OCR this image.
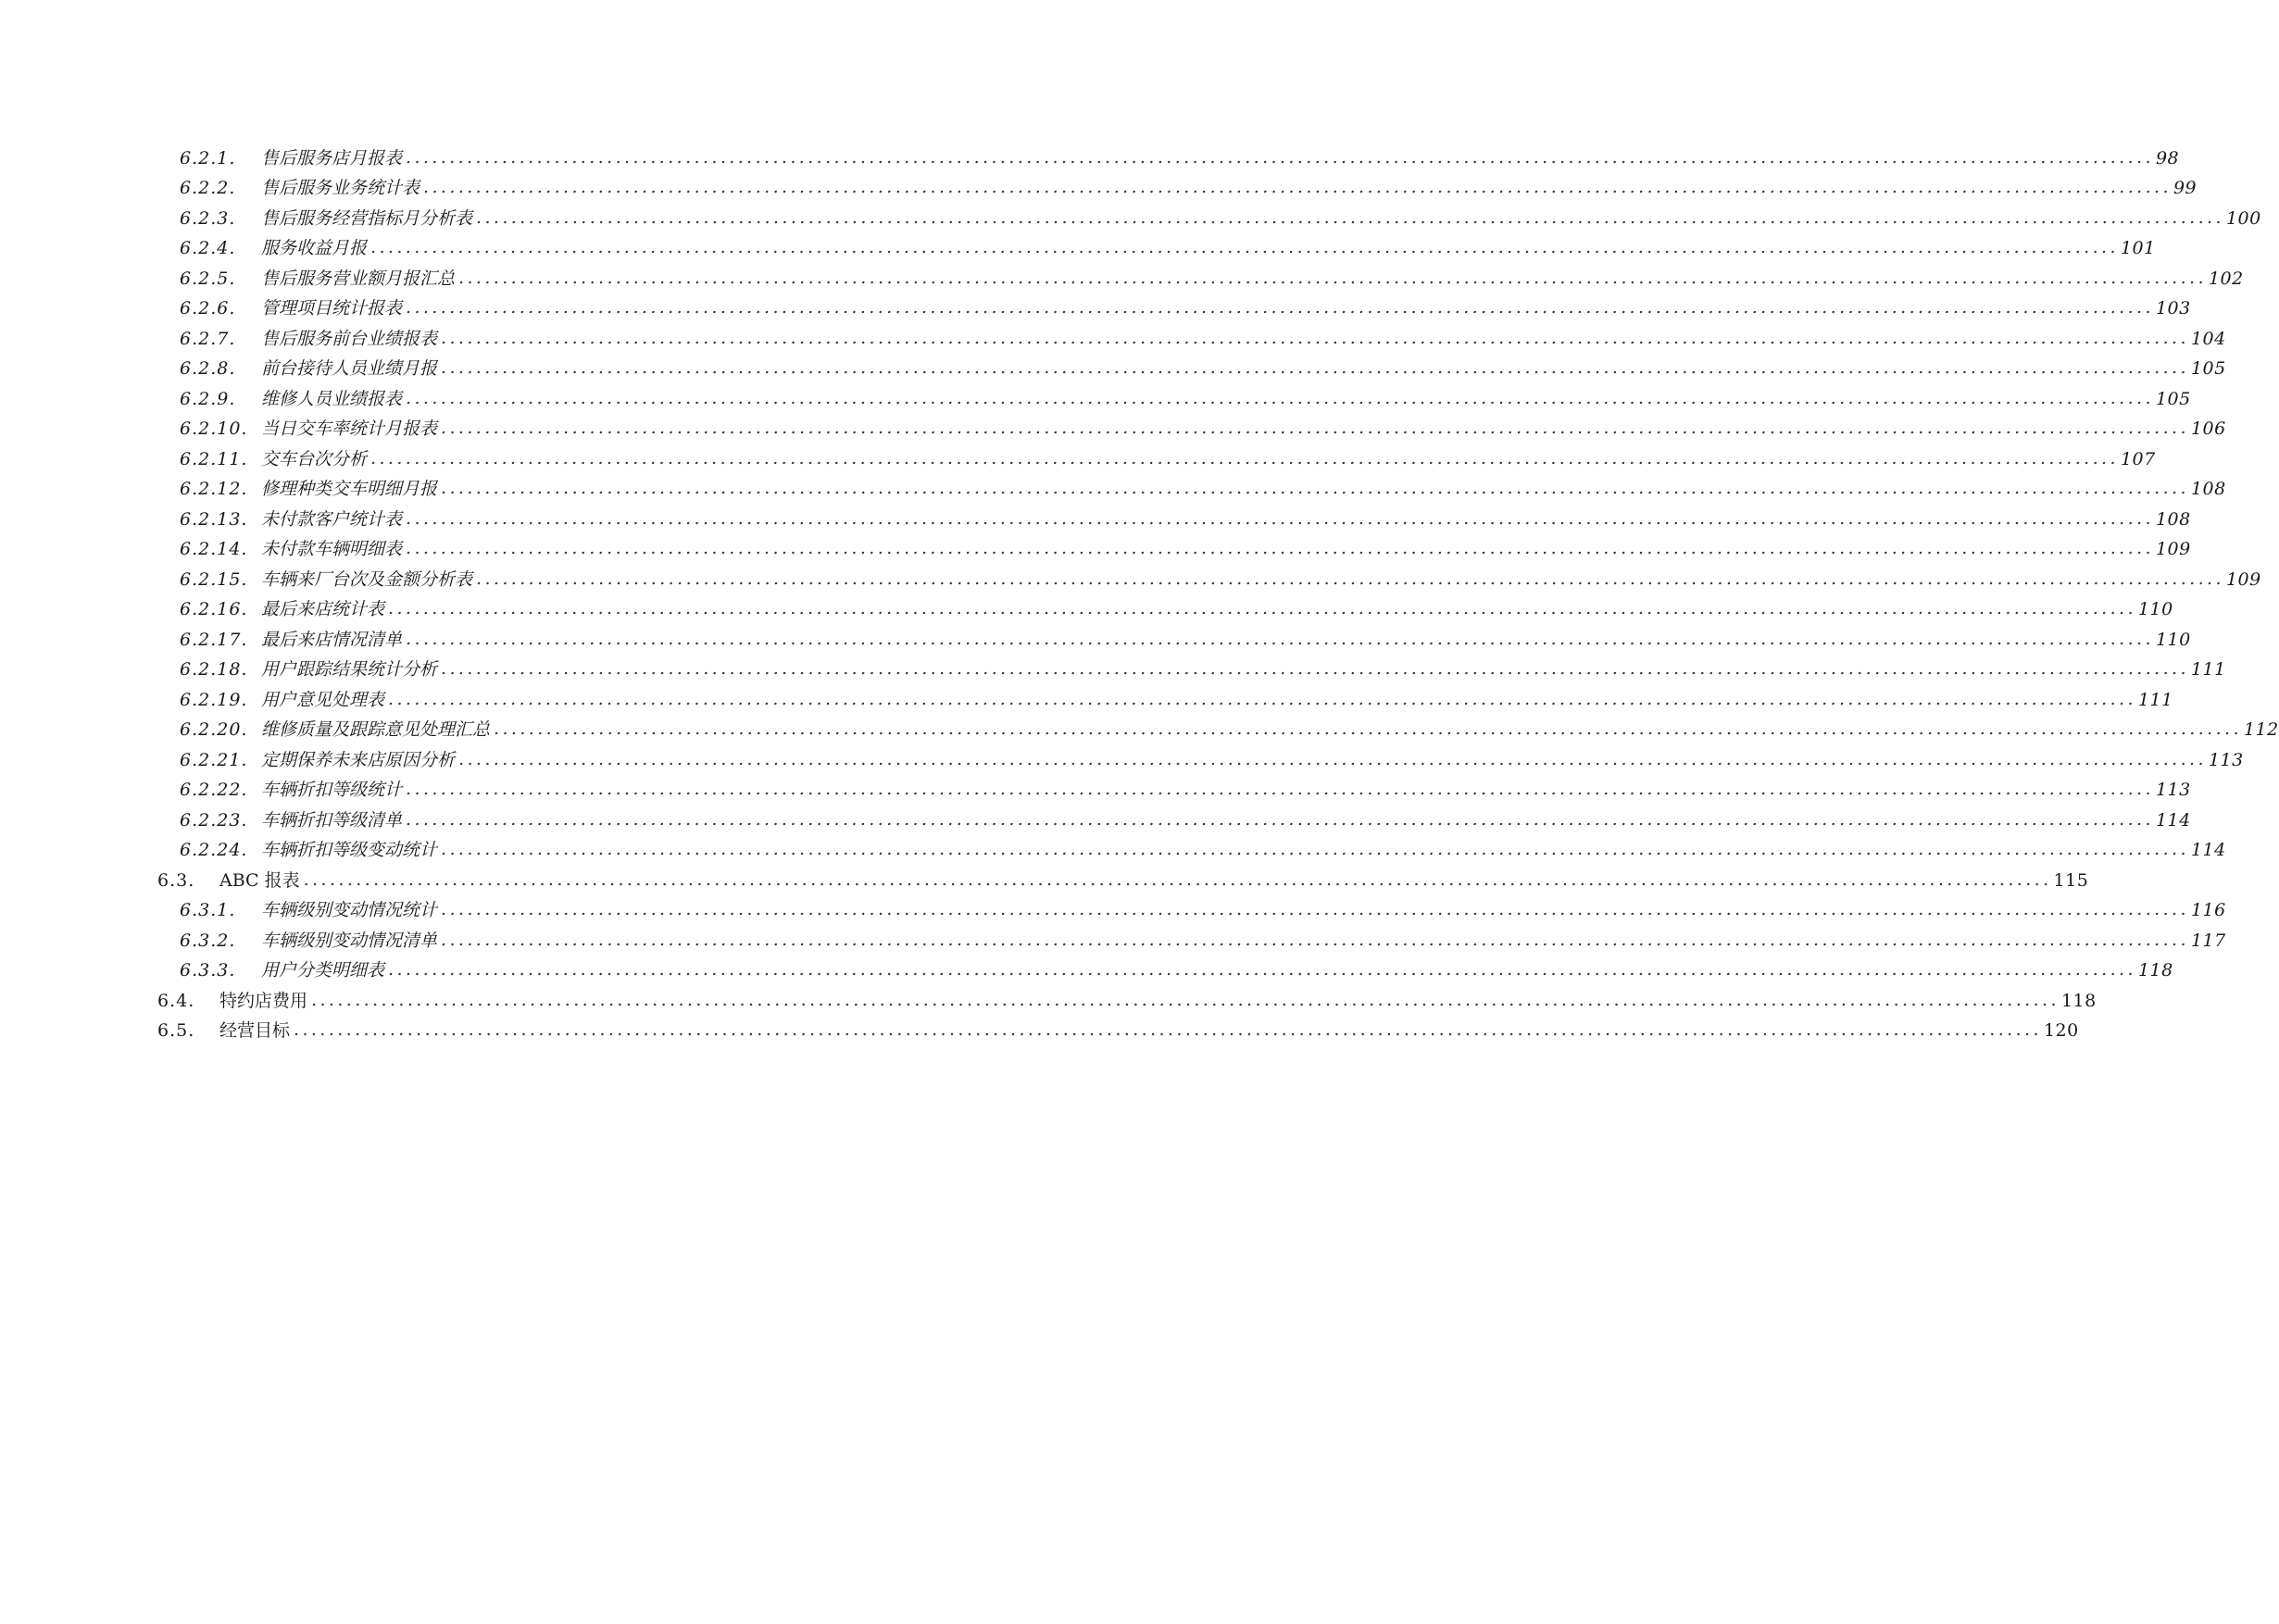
6.2.1.	售后服务店月报表 ........................................................................................................................................................................................................ 98
6.2.2.	售后服务业务统计表 ........................................................................................................................................................................................................ 99
6.2.3.	售后服务经营指标月分析表 ........................................................................................................................................................................................................ 100
6.2.4.	服务收益月报 ........................................................................................................................................................................................................ 101
6.2.5.	售后服务营业额月报汇总 ........................................................................................................................................................................................................ 102
6.2.6.	管理项目统计报表 ........................................................................................................................................................................................................ 103
6.2.7.	售后服务前台业绩报表 ........................................................................................................................................................................................................ 104
6.2.8.	前台接待人员业绩月报 ........................................................................................................................................................................................................ 105
6.2.9.	维修人员业绩报表 ........................................................................................................................................................................................................ 105
6.2.10. 当日交车率统计月报表 ........................................................................................................................................................................................................ 106
6.2.11. 交车台次分析 ........................................................................................................................................................................................................ 107
6.2.12. 修理种类交车明细月报 ........................................................................................................................................................................................................ 108
6.2.13. 未付款客户统计表 ........................................................................................................................................................................................................ 108
6.2.14. 未付款车辆明细表 ........................................................................................................................................................................................................ 109
6.2.15. 车辆来厂台次及金额分析表 ........................................................................................................................................................................................................ 109
6.2.16. 最后来店统计表 ........................................................................................................................................................................................................ 110
6.2.17. 最后来店情况清单 ........................................................................................................................................................................................................ 110
6.2.18. 用户跟踪结果统计分析 ........................................................................................................................................................................................................ 111
6.2.19. 用户意见处理表 ........................................................................................................................................................................................................ 111
6.2.20. 维修质量及跟踪意见处理汇总 ........................................................................................................................................................................................................ 112
6.2.21. 定期保养未来店原因分析 ........................................................................................................................................................................................................ 113
6.2.22. 车辆折扣等级统计 ........................................................................................................................................................................................................ 113
6.2.23. 车辆折扣等级清单 ........................................................................................................................................................................................................ 114
6.2.24. 车辆折扣等级变动统计 ........................................................................................................................................................................................................ 114
6.3.	ABC 报表 ........................................................................................................................................................................................................ 115
6.3.1.	车辆级别变动情况统计 ........................................................................................................................................................................................................ 116
6.3.2.	车辆级别变动情况清单 ........................................................................................................................................................................................................ 117
6.3.3.	用户分类明细表 ........................................................................................................................................................................................................ 118
6.4.	特约店费用 ........................................................................................................................................................................................................ 118
6.5.	经营目标 ........................................................................................................................................................................................................ 120
